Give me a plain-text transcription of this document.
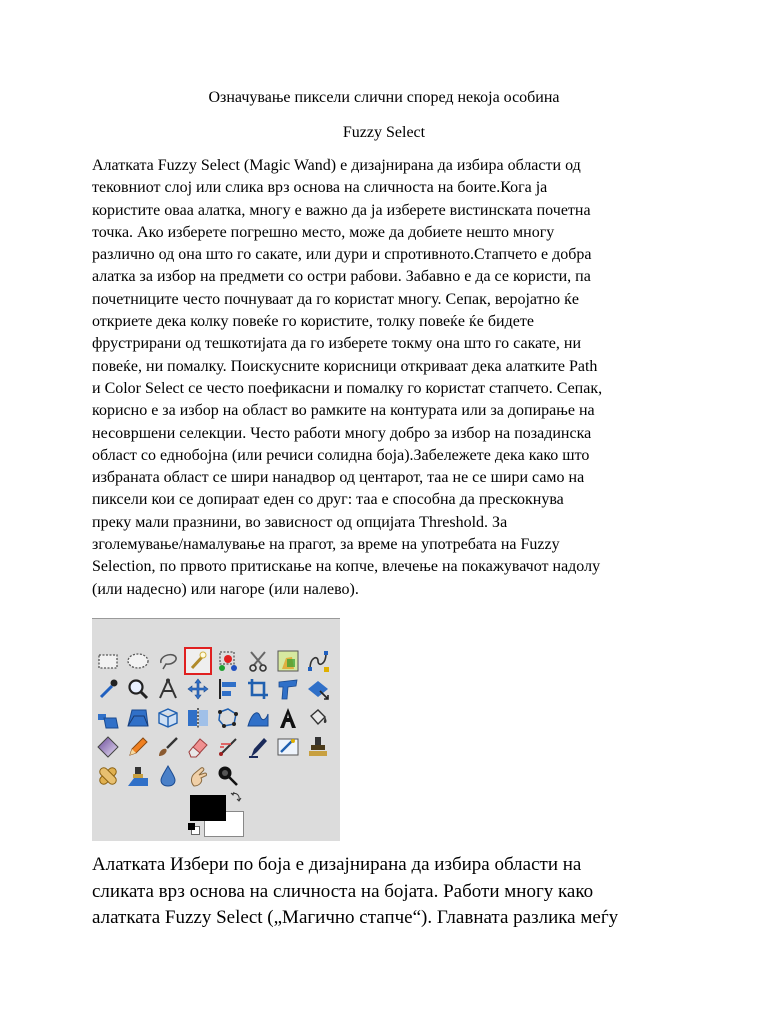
Означување пиксели слични според некоја особина
Fuzzy Select
Алатката Fuzzy Select (Magic Wand) е дизајнирана да избира области од
тековниот слој или слика врз основа на сличноста на боите.Кога ја
користите оваа алатка, многу е важно да ја изберете вистинската почетна
точка. Ако изберете погрешно место, може да добиете нешто многу
различно од она што го сакате, или дури и спротивното.Стапчето е добра
алатка за избор на предмети со остри рабови. Забавно е да се користи, па
почетниците често почнуваат да го користат многу. Сепак, веројатно ќе
откриете дека колку повеќе го користите, толку повеќе ќе бидете
фрустрирани од тешкотијата да го изберете токму она што го сакате, ни
повеќе, ни помалку. Поискусните корисници откриваат дека алатките Path
и Color Select се често поефикасни и помалку го користат стапчето. Сепак,
корисно е за избор на област во рамките на контурата или за допирање на
несовршени селекции. Често работи многу добро за избор на позадинска
област со еднобојна (или речиси солидна боја).Забележете дека како што
избраната област се шири нанадвор од центарот, таа не се шири само на
пиксели кои се допираат еден со друг: таа е способна да прескокнува
преку мали празнини, во зависност од опцијата Threshold. За
зголемување/намалување на прагот, за време на употребата на Fuzzy
Selection, по првото притискање на копче, влечење на покажувачот надолу
(или надесно) или нагоре (или налево).
Алатката Избери по боја е дизајнирана да избира области на
сликата врз основа на сличноста на бојата. Работи многу како
алатката Fuzzy Select („Магично стапче“). Главната разлика меѓу
